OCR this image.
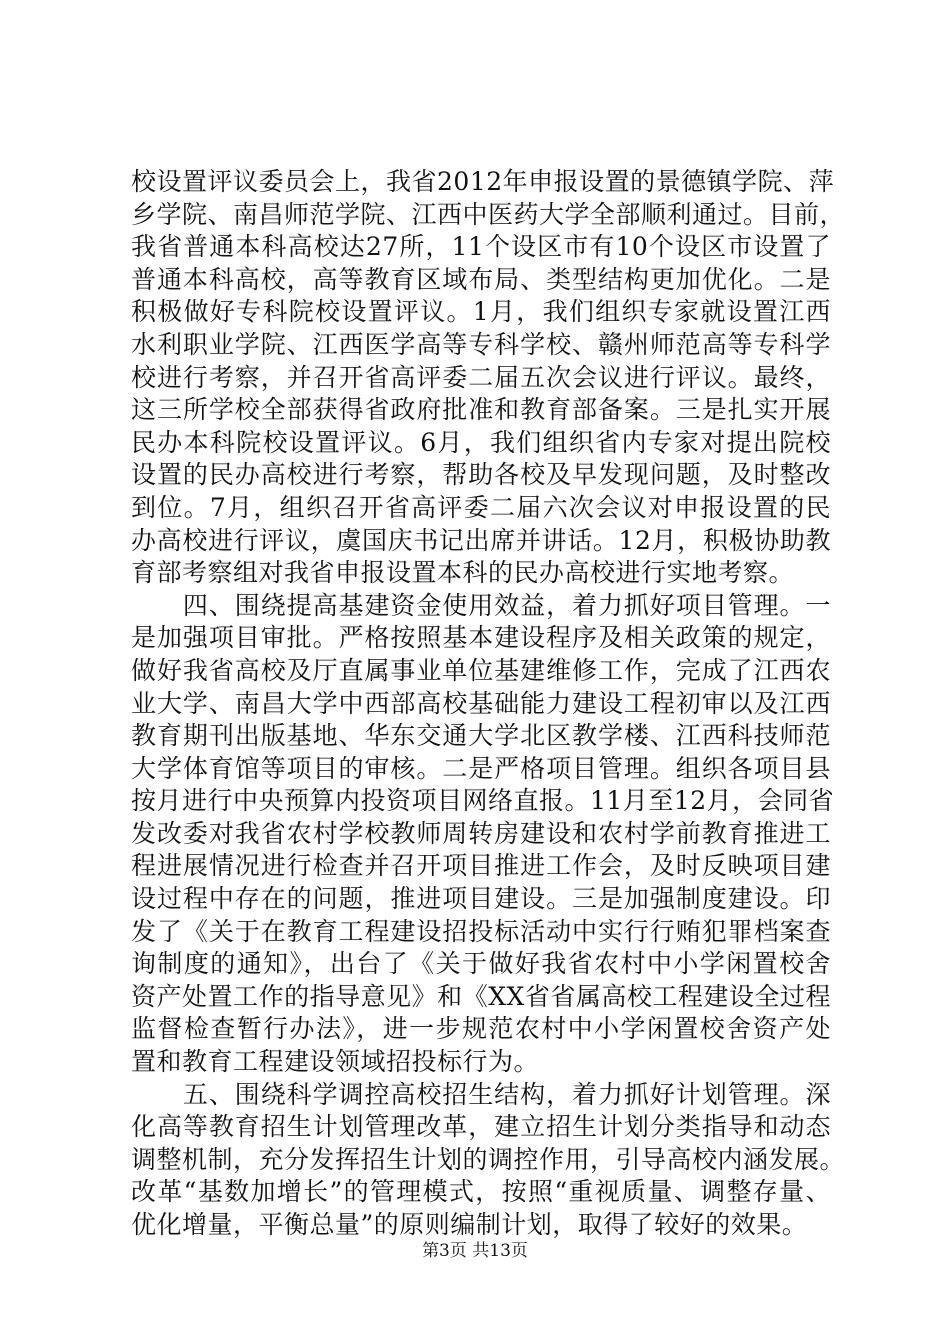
校设置评议委员会上，我省2012年申报设置的景德镇学院、萍
乡学院、南昌师范学院、江西中医药大学全部顺利通过。目前，
我省普通本科高校达27所，11个设区市有10个设区市设置了
普通本科高校，高等教育区域布局、类型结构更加优化。二是
积极做好专科院校设置评议。1月，我们组织专家就设置江西
水利职业学院、江西医学高等专科学校、赣州师范高等专科学
校进行考察，并召开省高评委二届五次会议进行评议。最终，
这三所学校全部获得省政府批准和教育部备案。三是扎实开展
民办本科院校设置评议。6月，我们组织省内专家对提出院校
设置的民办高校进行考察，帮助各校及早发现问题，及时整改
到位。7月，组织召开省高评委二届六次会议对申报设置的民
办高校进行评议，虞国庆书记出席并讲话。12月，积极协助教
育部考察组对我省申报设置本科的民办高校进行实地考察。
　　四、围绕提高基建资金使用效益，着力抓好项目管理。一
是加强项目审批。严格按照基本建设程序及相关政策的规定，
做好我省高校及厅直属事业单位基建维修工作，完成了江西农
业大学、南昌大学中西部高校基础能力建设工程初审以及江西
教育期刊出版基地、华东交通大学北区教学楼、江西科技师范
大学体育馆等项目的审核。二是严格项目管理。组织各项目县
按月进行中央预算内投资项目网络直报。11月至12月，会同省
发改委对我省农村学校教师周转房建设和农村学前教育推进工
程进展情况进行检查并召开项目推进工作会，及时反映项目建
设过程中存在的问题，推进项目建设。三是加强制度建设。印
发了《关于在教育工程建设招投标活动中实行行贿犯罪档案查
询制度的通知》，出台了《关于做好我省农村中小学闲置校舍
资产处置工作的指导意见》和《XX省省属高校工程建设全过程
监督检查暂行办法》，进一步规范农村中小学闲置校舍资产处
置和教育工程建设领域招投标行为。
　　五、围绕科学调控高校招生结构，着力抓好计划管理。深
化高等教育招生计划管理改革，建立招生计划分类指导和动态
调整机制，充分发挥招生计划的调控作用，引导高校内涵发展。
改革“基数加增长”的管理模式，按照“重视质量、调整存量、
优化增量，平衡总量”的原则编制计划，取得了较好的效果。
第3页 共13页
